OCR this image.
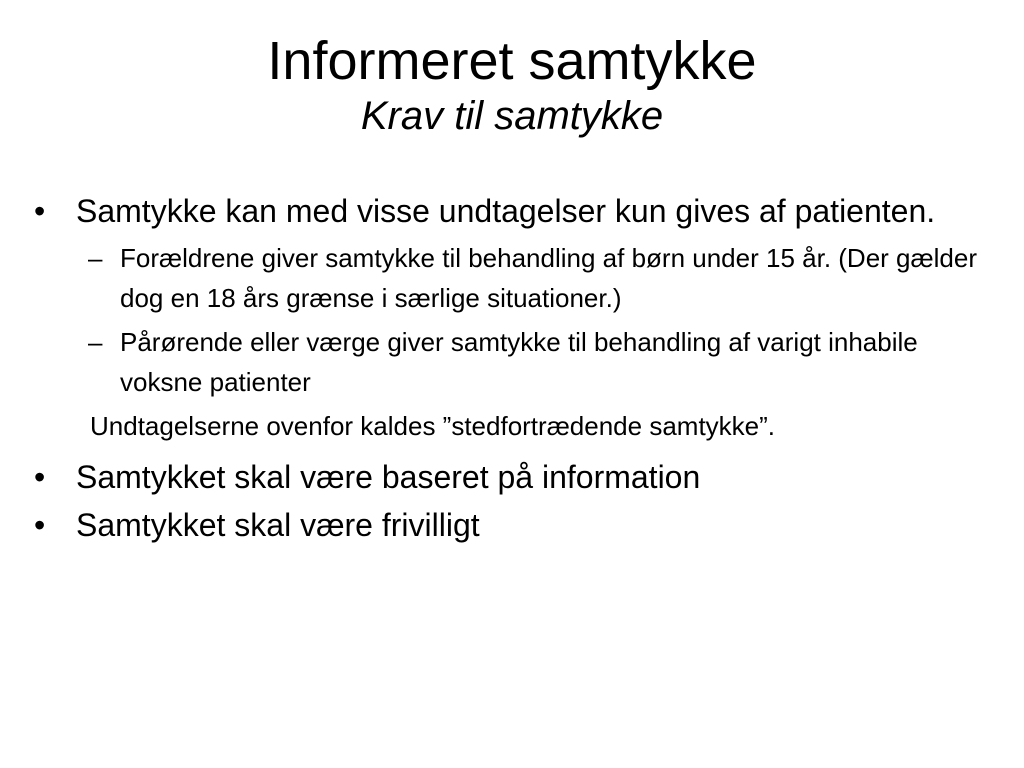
Informeret samtykke
Krav til samtykke
• Samtykke kan med visse undtagelser kun gives af patienten.
– Forældrene giver samtykke til behandling af børn under 15 år. (Der gælder dog en 18 års grænse i særlige situationer.)
– Pårørende eller værge giver samtykke til behandling af varigt inhabile voksne patienter
Undtagelserne ovenfor kaldes ”stedfortrædende samtykke”.
• Samtykket skal være baseret på information
• Samtykket skal være frivilligt
